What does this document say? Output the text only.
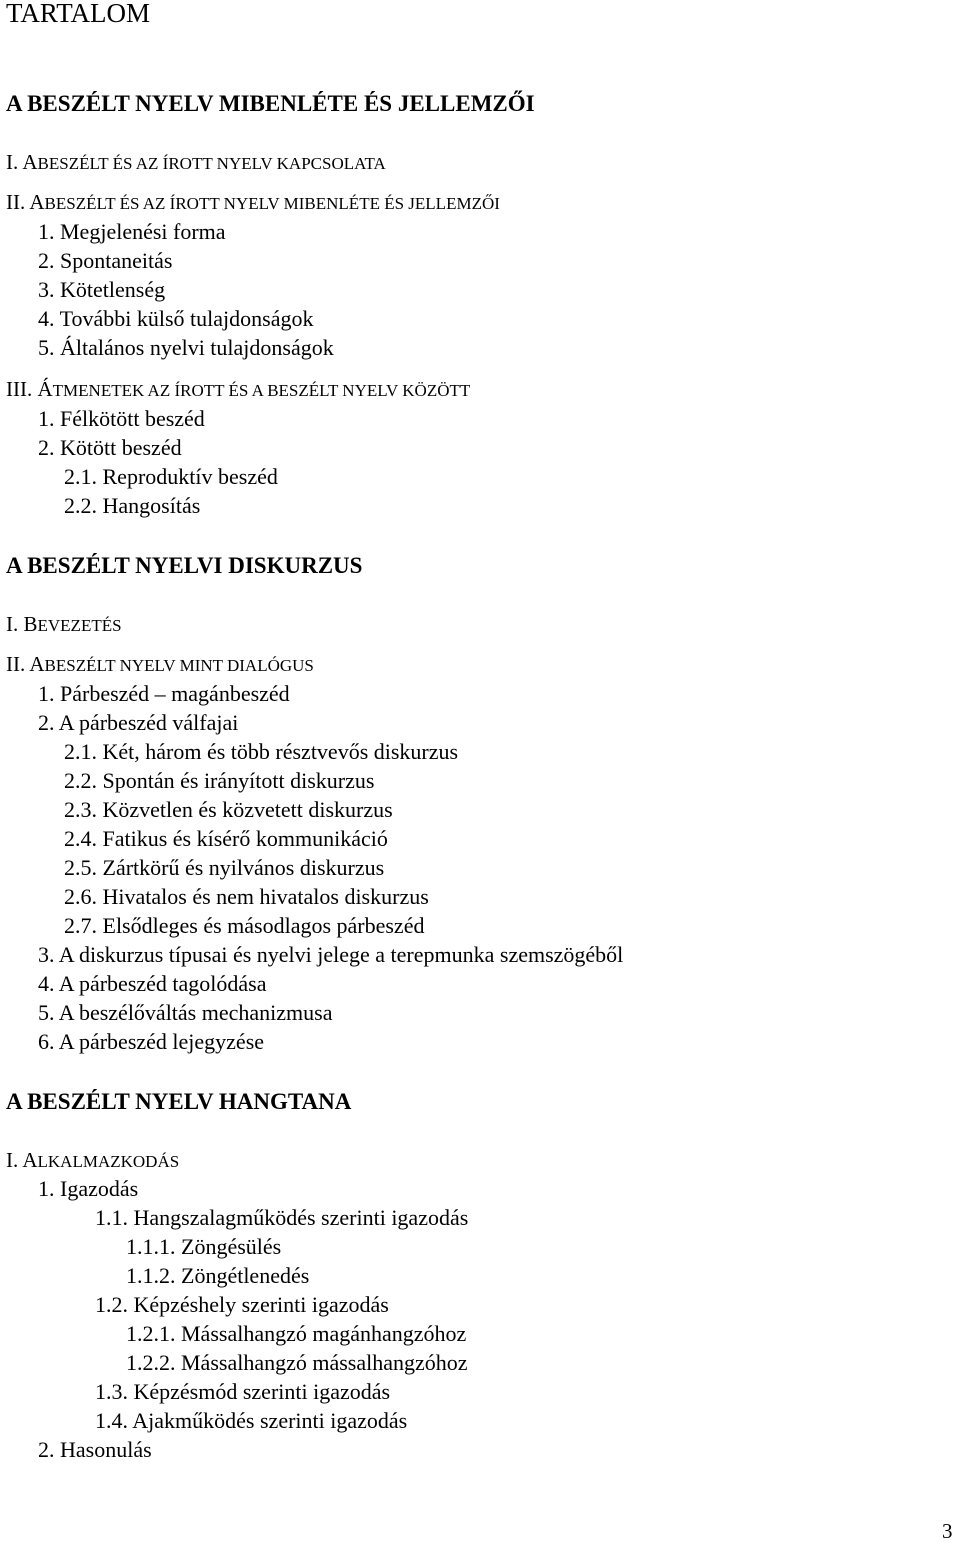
TARTALOM
A BESZÉLT NYELV MIBENLÉTE ÉS JELLEMZŐI
I. ABESZÉLT ÉS AZ ÍROTT NYELV KAPCSOLATA
II. ABESZÉLT ÉS AZ ÍROTT NYELV MIBENLÉTE ÉS JELLEMZŐI
1. Megjelenési forma
2. Spontaneitás
3. Kötetlenség
4. További külső tulajdonságok
5. Általános nyelvi tulajdonságok
III. ÁTMENETEK AZ ÍROTT ÉS A BESZÉLT NYELV KÖZÖTT
1. Félkötött beszéd
2. Kötött beszéd
2.1. Reproduktív beszéd
2.2. Hangosítás
A BESZÉLT NYELVI DISKURZUS
I. BEVEZETÉS
II. ABESZÉLT NYELV MINT DIALÓGUS
1. Párbeszéd – magánbeszéd
2. A párbeszéd válfajai
2.1. Két, három és több résztvevős diskurzus
2.2. Spontán és irányított diskurzus
2.3. Közvetlen és közvetett diskurzus
2.4. Fatikus és kísérő kommunikáció
2.5. Zártkörű és nyilvános diskurzus
2.6. Hivatalos és nem hivatalos diskurzus
2.7. Elsődleges és másodlagos párbeszéd
3. A diskurzus típusai és nyelvi jelege a terepmunka szemszögéből
4. A párbeszéd tagolódása
5. A beszélőváltás mechanizmusa
6. A párbeszéd lejegyzése
A BESZÉLT NYELV HANGTANA
I. ALKALMAZKODÁS
1. Igazodás
1.1. Hangszalagműködés szerinti igazodás
1.1.1. Zöngésülés
1.1.2. Zöngétlenedés
1.2. Képzéshely szerinti igazodás
1.2.1. Mássalhangzó magánhangzóhoz
1.2.2. Mássalhangzó mássalhangzóhoz
1.3. Képzésmód szerinti igazodás
1.4. Ajakműködés szerinti igazodás
2. Hasonulás
3
